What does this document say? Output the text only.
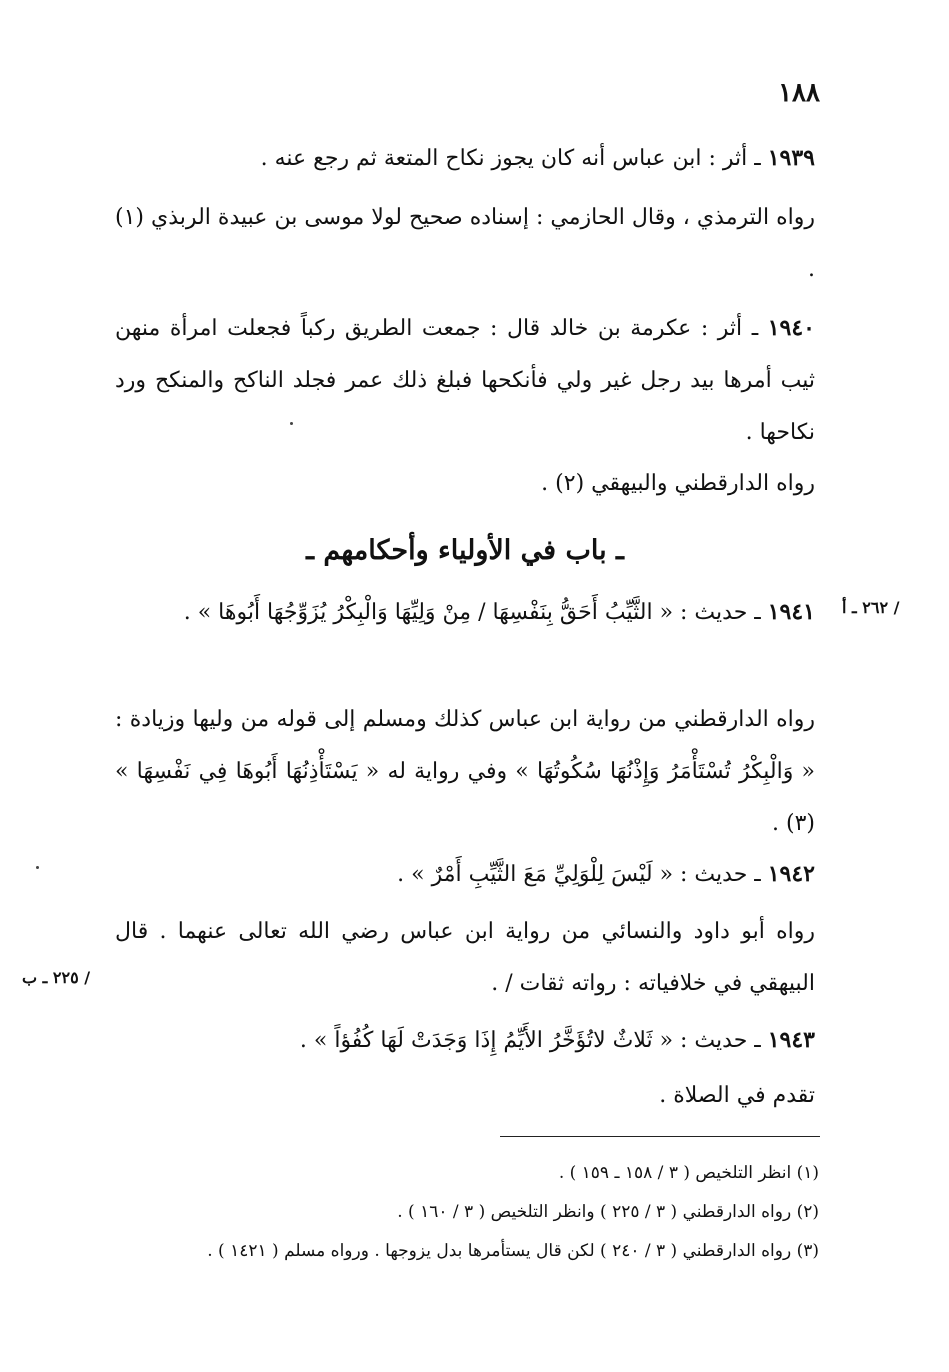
١٨٨
١٩٣٩ ـ أثر : ابن عباس أنه كان يجوز نكاح المتعة ثم رجع عنه .
رواه الترمذي ، وقال الحازمي : إسناده صحيح لولا موسى بن عبيدة الربذي (١) .
١٩٤٠ ـ أثر : عكرمة بن خالد قال : جمعت الطريق ركباً فجعلت امرأة منهن ثيب أمرها بيد رجل غير ولي فأنكحها فبلغ ذلك عمر فجلد الناكح والمنكح ورد نكاحها .
رواه الدارقطني والبيهقي (٢) .
ـ باب في الأولياء وأحكامهم ـ
١٩٤١ ـ حديث : « الثَّيِّبُ أَحَقُّ بِنَفْسِهَا / مِنْ وَلِيِّهَا وَالْبِكْرُ يُزَوِّجُهَا أَبُوهَا » .
رواه الدارقطني من رواية ابن عباس كذلك ومسلم إلى قوله من وليها وزيادة : « وَالْبِكْرُ تُسْتَأْمَرُ وَإِذْنُهَا سُكُوتُهَا » وفي رواية له « يَسْتَأْذِنُهَا أَبُوهَا فِي نَفْسِهَا » (٣) .
١٩٤٢ ـ حديث : « لَيْسَ لِلْوَلِيِّ مَعَ الثَّيِّبِ أَمْرٌ » .
رواه أبو داود والنسائي من رواية ابن عباس رضي الله تعالى عنهما . قال البيهقي في خلافياته : رواته ثقات / .
١٩٤٣ ـ حديث : « ثَلاثٌ لاتُؤَخَّرُ الأَيِّمُ إِذَا وَجَدَتْ لَهَا كُفُؤاً » .
تقدم في الصلاة .
/ ٢٦٢ ـ أ
/ ٢٢٥ ـ ب
(١) انظر التلخيص ( ٣ / ١٥٨ ـ ١٥٩ ) .
(٢) رواه الدارقطني ( ٣ / ٢٢٥ ) وانظر التلخيص ( ٣ / ١٦٠ ) .
(٣) رواه الدارقطني ( ٣ / ٢٤٠ ) لكن قال يستأمرها بدل يزوجها . ورواه مسلم ( ١٤٢١ ) .
